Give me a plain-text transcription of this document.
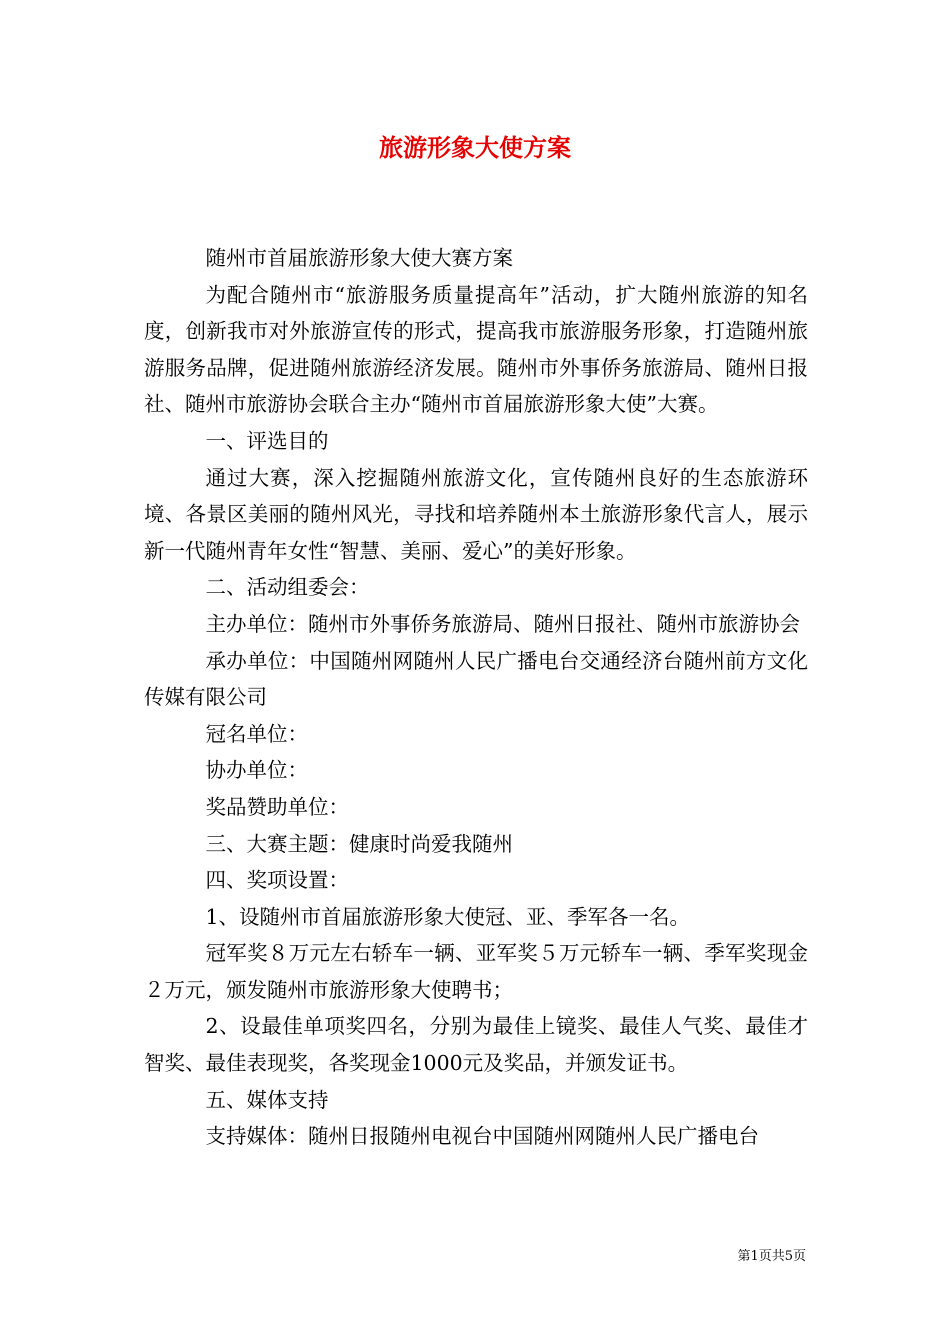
旅游形象大使方案

随州市首届旅游形象大使大赛方案

为配合随州市“旅游服务质量提高年”活动，扩大随州旅游的知名度，创新我市对外旅游宣传的形式，提高我市旅游服务形象，打造随州旅游服务品牌，促进随州旅游经济发展。随州市外事侨务旅游局、随州日报社、随州市旅游协会联合主办“随州市首届旅游形象大使”大赛。

一、评选目的

通过大赛，深入挖掘随州旅游文化，宣传随州良好的生态旅游环境、各景区美丽的随州风光，寻找和培养随州本土旅游形象代言人，展示新一代随州青年女性“智慧、美丽、爱心”的美好形象。

二、活动组委会：

主办单位：随州市外事侨务旅游局、随州日报社、随州市旅游协会

承办单位：中国随州网随州人民广播电台交通经济台随州前方文化传媒有限公司

冠名单位：

协办单位：

奖品赞助单位：

三、大赛主题：健康时尚爱我随州

四、奖项设置：

1、设随州市首届旅游形象大使冠、亚、季军各一名。

冠军奖８万元左右轿车一辆、亚军奖５万元轿车一辆、季军奖现金２万元，颁发随州市旅游形象大使聘书；

2、设最佳单项奖四名，分别为最佳上镜奖、最佳人气奖、最佳才智奖、最佳表现奖，各奖现金1000元及奖品，并颁发证书。

五、媒体支持

支持媒体：随州日报随州电视台中国随州网随州人民广播电台

第1页共5页
